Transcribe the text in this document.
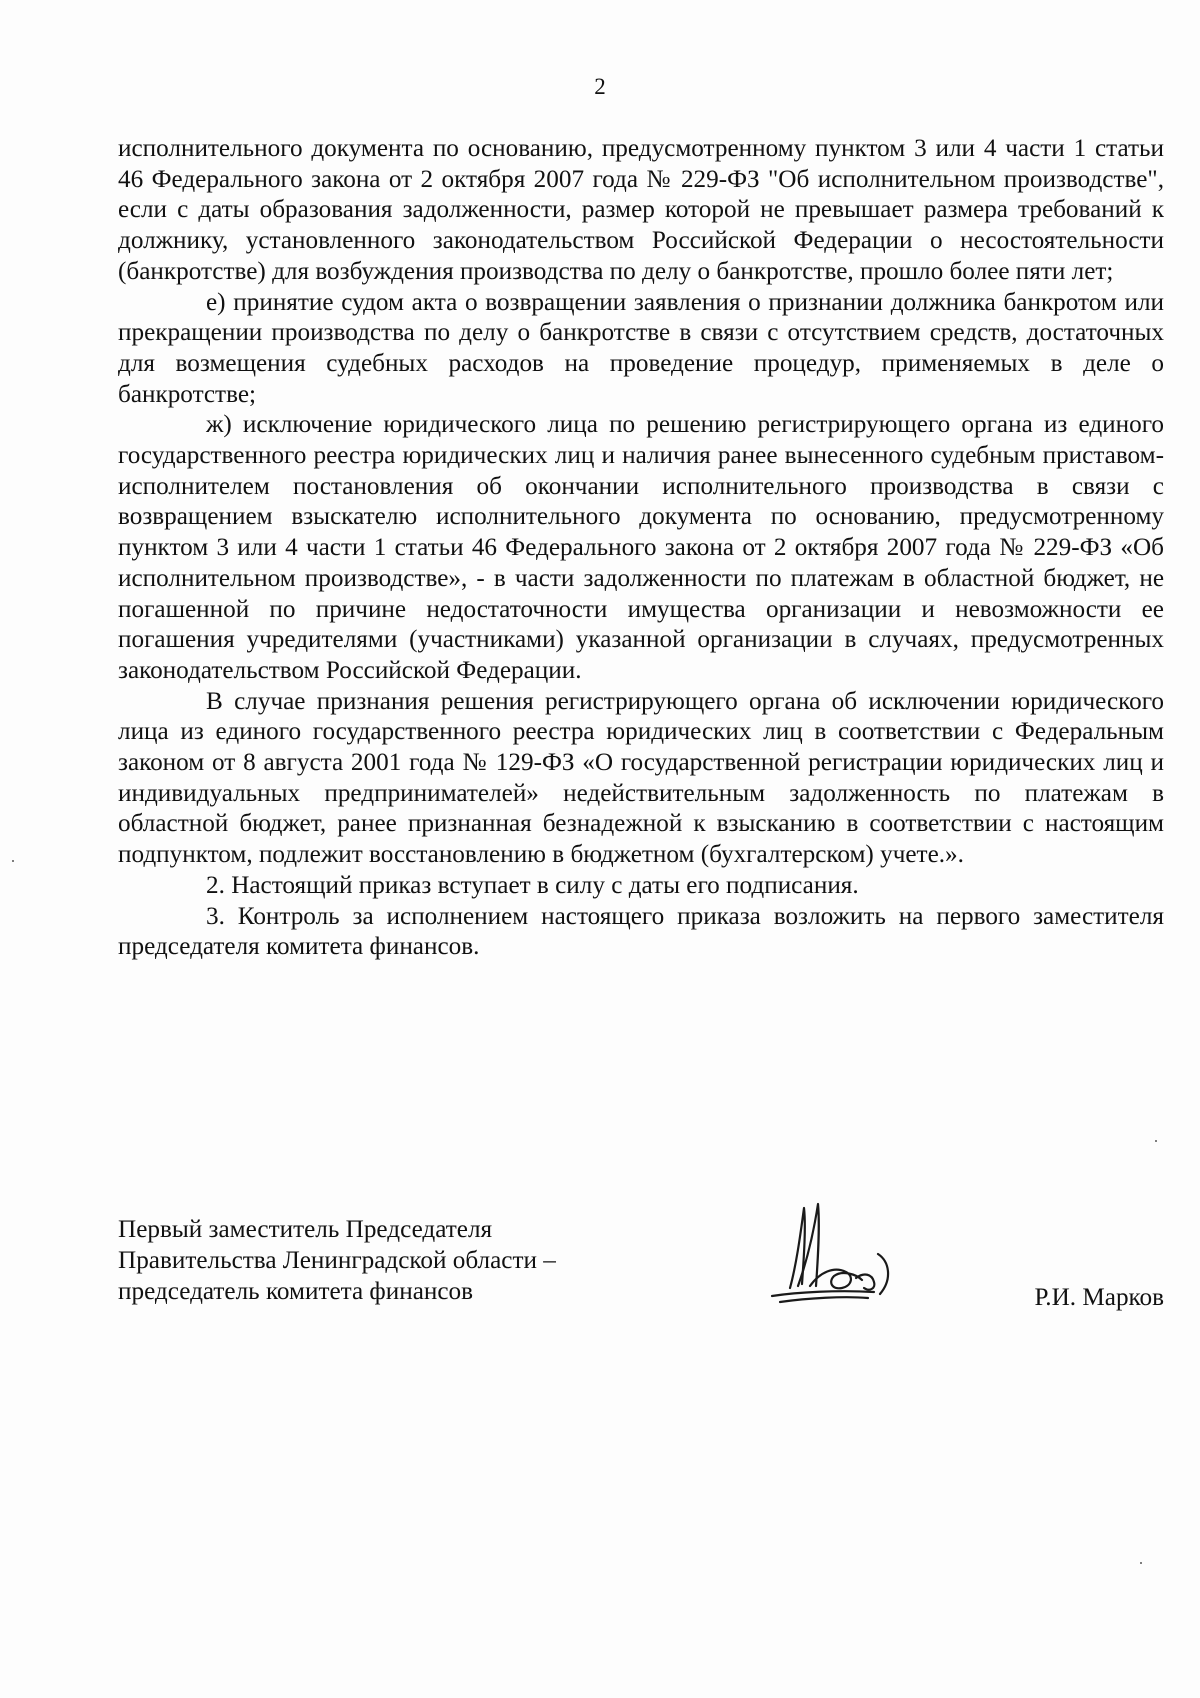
2

исполнительного документа по основанию, предусмотренному пунктом 3 или 4 части 1 статьи 46 Федерального закона от 2 октября 2007 года № 229-ФЗ "Об исполнительном производстве", если с даты образования задолженности, размер которой не превышает размера требований к должнику, установленного законодательством Российской Федерации о несостоятельности (банкротстве) для возбуждения производства по делу о банкротстве, прошло более пяти лет;

е) принятие судом акта о возвращении заявления о признании должника банкротом или прекращении производства по делу о банкротстве в связи с отсутствием средств, достаточных для возмещения судебных расходов на проведение процедур, применяемых в деле о банкротстве;

ж) исключение юридического лица по решению регистрирующего органа из единого государственного реестра юридических лиц и наличия ранее вынесенного судебным приставом-исполнителем постановления об окончании исполнительного производства в связи с возвращением взыскателю исполнительного документа по основанию, предусмотренному пунктом 3 или 4 части 1 статьи 46 Федерального закона от 2 октября 2007 года № 229-ФЗ «Об исполнительном производстве», - в части задолженности по платежам в областной бюджет, не погашенной по причине недостаточности имущества организации и невозможности ее погашения учредителями (участниками) указанной организации в случаях, предусмотренных законодательством Российской Федерации.

В случае признания решения регистрирующего органа об исключении юридического лица из единого государственного реестра юридических лиц в соответствии с Федеральным законом от 8 августа 2001 года № 129-ФЗ «О государственной регистрации юридических лиц и индивидуальных предпринимателей» недействительным задолженность по платежам в областной бюджет, ранее признанная безнадежной к взысканию в соответствии с настоящим подпунктом, подлежит восстановлению в бюджетном (бухгалтерском) учете.».

2. Настоящий приказ вступает в силу с даты его подписания.

3. Контроль за исполнением настоящего приказа возложить на первого заместителя председателя комитета финансов.

Первый заместитель Председателя
Правительства Ленинградской области –
председатель комитета финансов	Р.И. Марков
